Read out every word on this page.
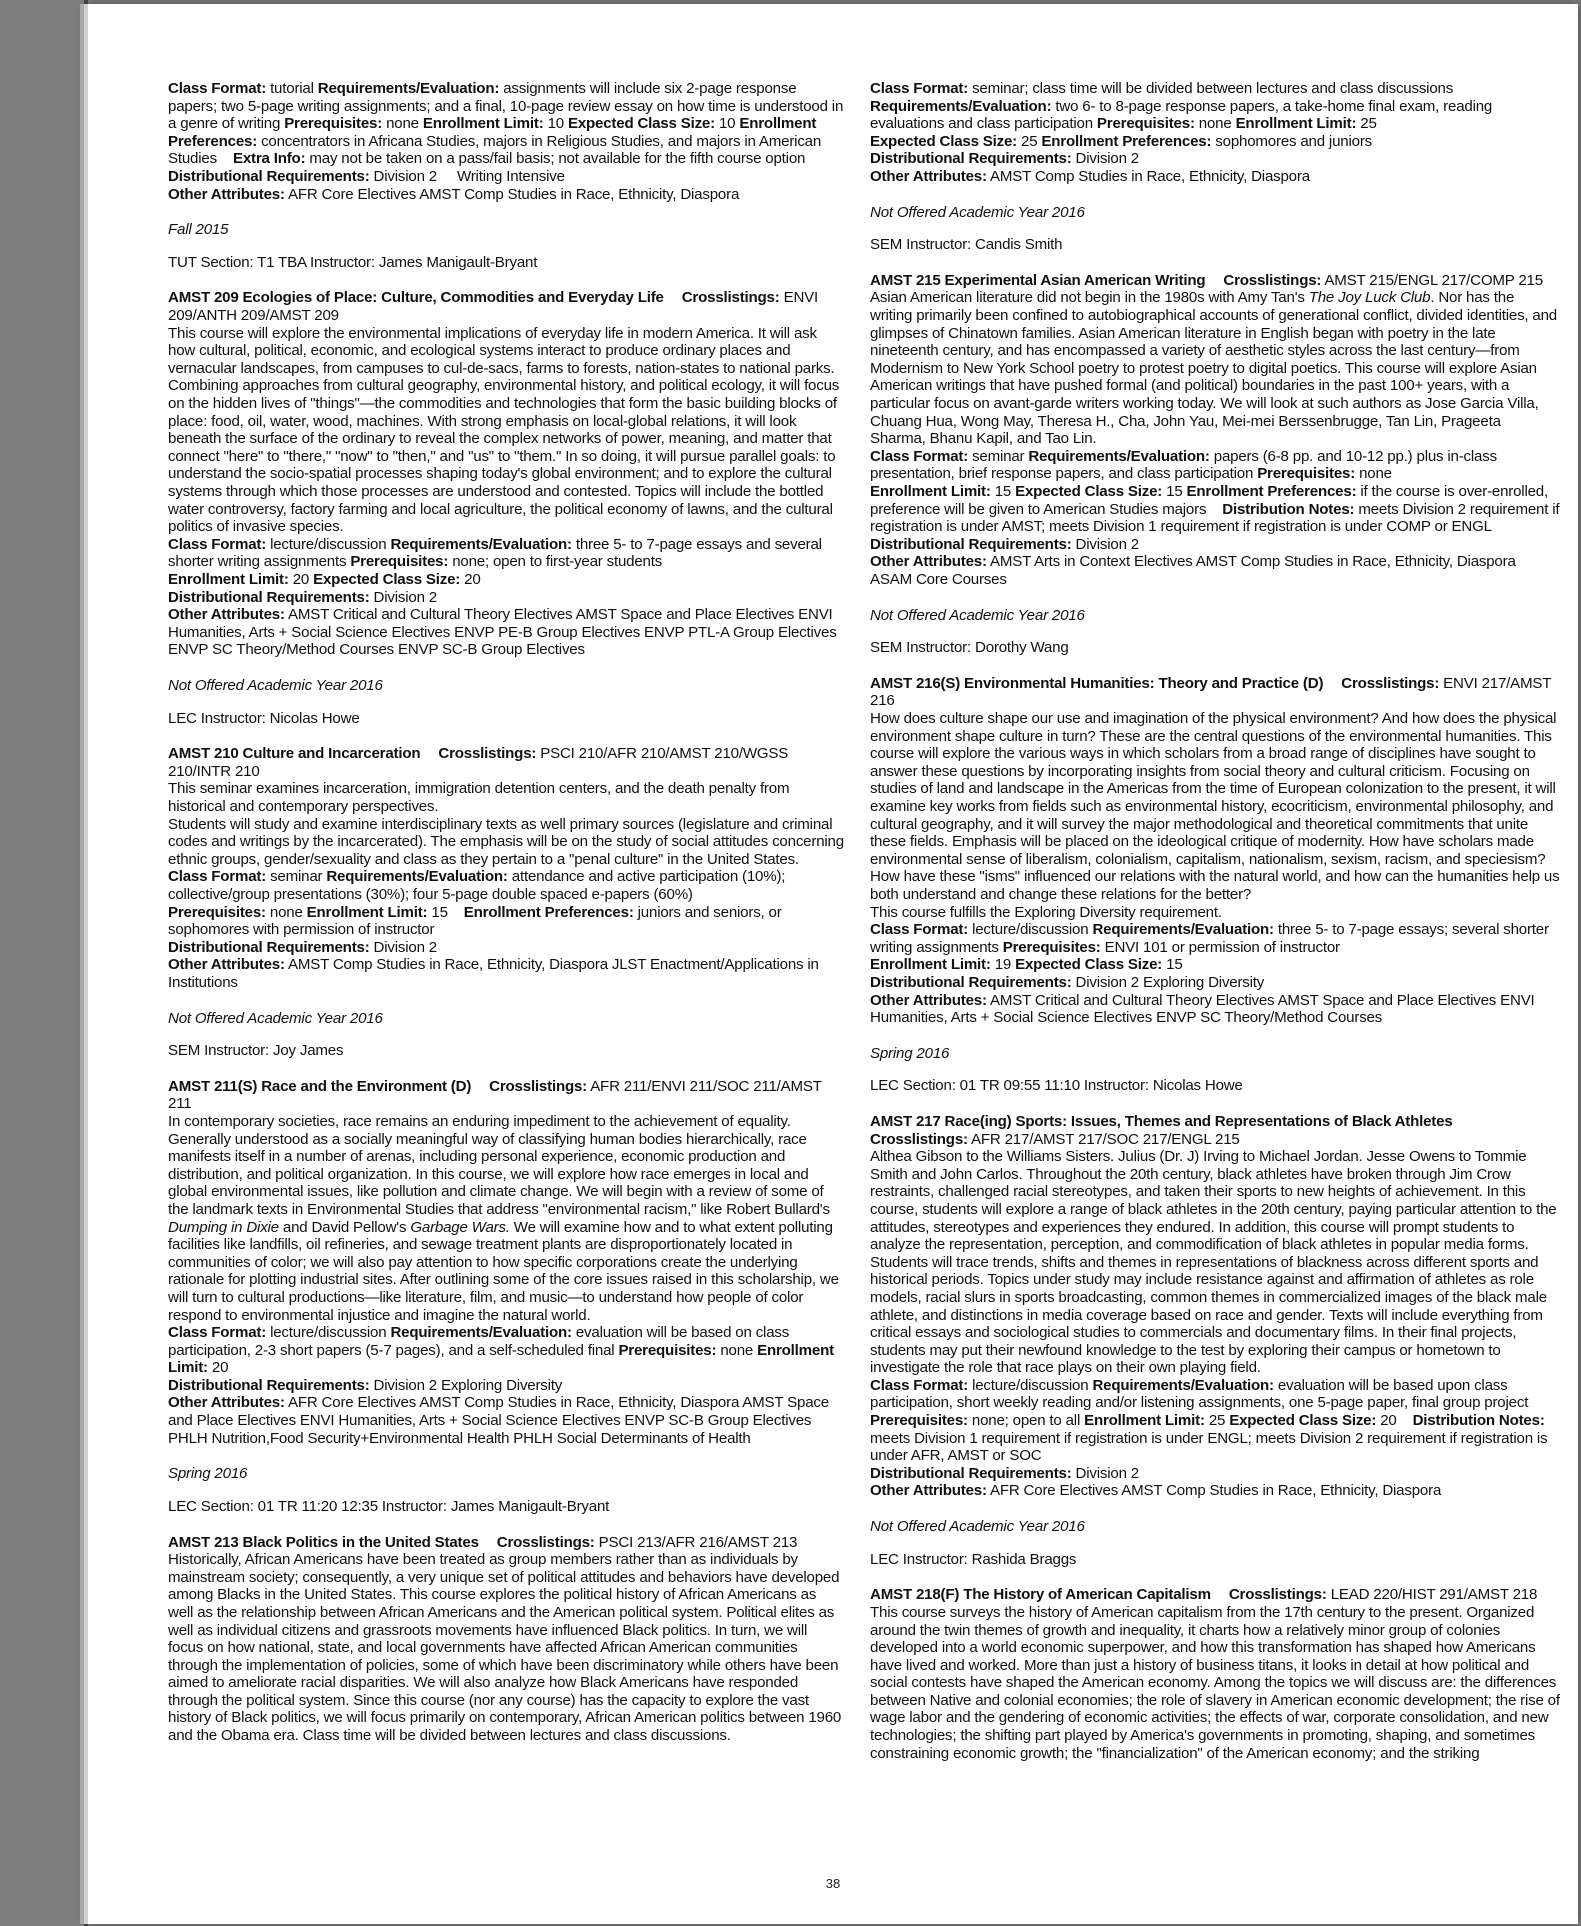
Class Format: tutorial Requirements/Evaluation: assignments will include six 2-page response papers; two 5-page writing assignments; and a final, 10-page review essay on how time is understood in a genre of writing Prerequisites: none Enrollment Limit: 10 Expected Class Size: 10 Enrollment Preferences: concentrators in Africana Studies, majors in Religious Studies, and majors in American Studies Extra Info: may not be taken on a pass/fail basis; not available for the fifth course option

Distributional Requirements: Division 2     Writing Intensive

Other Attributes: AFR Core Electives AMST Comp Studies in Race, Ethnicity, Diaspora

Fall 2015

TUT Section: T1 TBA Instructor: James Manigault-Bryant

AMST 209 Ecologies of Place: Culture, Commodities and Everyday Life Crosslistings: ENVI 209/ANTH 209/AMST 209

This course will explore the environmental implications of everyday life in modern America. It will ask how cultural, political, economic, and ecological systems interact to produce ordinary places and vernacular landscapes, from campuses to cul-de-sacs, farms to forests, nation-states to national parks. Combining approaches from cultural geography, environmental history, and political ecology, it will focus on the hidden lives of "things"—the commodities and technologies that form the basic building blocks of place: food, oil, water, wood, machines. With strong emphasis on local-global relations, it will look beneath the surface of the ordinary to reveal the complex networks of power, meaning, and matter that connect "here" to "there," "now" to "then," and "us" to "them." In so doing, it will pursue parallel goals: to understand the socio-spatial processes shaping today's global environment; and to explore the cultural systems through which those processes are understood and contested. Topics will include the bottled water controversy, factory farming and local agriculture, the political economy of lawns, and the cultural politics of invasive species.

Class Format: lecture/discussion Requirements/Evaluation: three 5- to 7-page essays and several shorter writing assignments Prerequisites: none; open to first-year students

Enrollment Limit: 20 Expected Class Size: 20

Distributional Requirements: Division 2

Other Attributes: AMST Critical and Cultural Theory Electives AMST Space and Place Electives ENVI Humanities, Arts + Social Science Electives ENVP PE-B Group Electives ENVP PTL-A Group Electives ENVP SC Theory/Method Courses ENVP SC-B Group Electives

Not Offered Academic Year 2016

LEC Instructor: Nicolas Howe

AMST 210 Culture and Incarceration Crosslistings: PSCI 210/AFR 210/AMST 210/WGSS 210/INTR 210

This seminar examines incarceration, immigration detention centers, and the death penalty from historical and contemporary perspectives.

Students will study and examine interdisciplinary texts as well primary sources (legislature and criminal codes and writings by the incarcerated). The emphasis will be on the study of social attitudes concerning ethnic groups, gender/sexuality and class as they pertain to a "penal culture" in the United States.

Class Format: seminar Requirements/Evaluation: attendance and active participation (10%); collective/group presentations (30%); four 5-page double spaced e-papers (60%)

Prerequisites: none Enrollment Limit: 15 Enrollment Preferences: juniors and seniors, or sophomores with permission of instructor

Distributional Requirements: Division 2

Other Attributes: AMST Comp Studies in Race, Ethnicity, Diaspora JLST Enactment/Applications in Institutions

Not Offered Academic Year 2016

SEM Instructor: Joy James

AMST 211(S) Race and the Environment (D) Crosslistings: AFR 211/ENVI 211/SOC 211/AMST 211

In contemporary societies, race remains an enduring impediment to the achievement of equality. Generally understood as a socially meaningful way of classifying human bodies hierarchically, race manifests itself in a number of arenas, including personal experience, economic production and distribution, and political organization. In this course, we will explore how race emerges in local and global environmental issues, like pollution and climate change. We will begin with a review of some of the landmark texts in Environmental Studies that address "environmental racism," like Robert Bullard's Dumping in Dixie and David Pellow's Garbage Wars. We will examine how and to what extent polluting facilities like landfills, oil refineries, and sewage treatment plants are disproportionately located in communities of color; we will also pay attention to how specific corporations create the underlying rationale for plotting industrial sites. After outlining some of the core issues raised in this scholarship, we will turn to cultural productions—like literature, film, and music—to understand how people of color respond to environmental injustice and imagine the natural world.

Class Format: lecture/discussion Requirements/Evaluation: evaluation will be based on class participation, 2-3 short papers (5-7 pages), and a self-scheduled final Prerequisites: none Enrollment Limit: 20

Distributional Requirements: Division 2 Exploring Diversity

Other Attributes: AFR Core Electives AMST Comp Studies in Race, Ethnicity, Diaspora AMST Space and Place Electives ENVI Humanities, Arts + Social Science Electives ENVP SC-B Group Electives PHLH Nutrition,Food Security+Environmental Health PHLH Social Determinants of Health

Spring 2016

LEC Section: 01 TR 11:20 12:35 Instructor: James Manigault-Bryant

AMST 213 Black Politics in the United States Crosslistings: PSCI 213/AFR 216/AMST 213

Historically, African Americans have been treated as group members rather than as individuals by mainstream society; consequently, a very unique set of political attitudes and behaviors have developed among Blacks in the United States. This course explores the political history of African Americans as well as the relationship between African Americans and the American political system. Political elites as well as individual citizens and grassroots movements have influenced Black politics. In turn, we will focus on how national, state, and local governments have affected African American communities through the implementation of policies, some of which have been discriminatory while others have been aimed to ameliorate racial disparities. We will also analyze how Black Americans have responded through the political system. Since this course (nor any course) has the capacity to explore the vast history of Black politics, we will focus primarily on contemporary, African American politics between 1960 and the Obama era. Class time will be divided between lectures and class discussions.

Class Format: seminar; class time will be divided between lectures and class discussions

Requirements/Evaluation: two 6- to 8-page response papers, a take-home final exam, reading evaluations and class participation Prerequisites: none Enrollment Limit: 25

Expected Class Size: 25 Enrollment Preferences: sophomores and juniors

Distributional Requirements: Division 2

Other Attributes: AMST Comp Studies in Race, Ethnicity, Diaspora

Not Offered Academic Year 2016

SEM Instructor: Candis Smith

AMST 215 Experimental Asian American Writing Crosslistings: AMST 215/ENGL 217/COMP 215

Asian American literature did not begin in the 1980s with Amy Tan's The Joy Luck Club. Nor has the writing primarily been confined to autobiographical accounts of generational conflict, divided identities, and glimpses of Chinatown families. Asian American literature in English began with poetry in the late nineteenth century, and has encompassed a variety of aesthetic styles across the last century—from Modernism to New York School poetry to protest poetry to digital poetics. This course will explore Asian American writings that have pushed formal (and political) boundaries in the past 100+ years, with a particular focus on avant-garde writers working today. We will look at such authors as Jose Garcia Villa, Chuang Hua, Wong May, Theresa H., Cha, John Yau, Mei-mei Berssenbrugge, Tan Lin, Prageeta Sharma, Bhanu Kapil, and Tao Lin.

Class Format: seminar Requirements/Evaluation: papers (6-8 pp. and 10-12 pp.) plus in-class presentation, brief response papers, and class participation Prerequisites: none

Enrollment Limit: 15 Expected Class Size: 15 Enrollment Preferences: if the course is over-enrolled, preference will be given to American Studies majors Distribution Notes: meets Division 2 requirement if registration is under AMST; meets Division 1 requirement if registration is under COMP or ENGL

Distributional Requirements: Division 2

Other Attributes: AMST Arts in Context Electives AMST Comp Studies in Race, Ethnicity, Diaspora ASAM Core Courses

Not Offered Academic Year 2016

SEM Instructor: Dorothy Wang

AMST 216(S) Environmental Humanities: Theory and Practice (D) Crosslistings: ENVI 217/AMST 216

How does culture shape our use and imagination of the physical environment? And how does the physical environment shape culture in turn? These are the central questions of the environmental humanities. This course will explore the various ways in which scholars from a broad range of disciplines have sought to answer these questions by incorporating insights from social theory and cultural criticism. Focusing on studies of land and landscape in the Americas from the time of European colonization to the present, it will examine key works from fields such as environmental history, ecocriticism, environmental philosophy, and cultural geography, and it will survey the major methodological and theoretical commitments that unite these fields. Emphasis will be placed on the ideological critique of modernity. How have scholars made environmental sense of liberalism, colonialism, capitalism, nationalism, sexism, racism, and speciesism? How have these "isms" influenced our relations with the natural world, and how can the humanities help us both understand and change these relations for the better?

This course fulfills the Exploring Diversity requirement.

Class Format: lecture/discussion Requirements/Evaluation: three 5- to 7-page essays; several shorter writing assignments Prerequisites: ENVI 101 or permission of instructor

Enrollment Limit: 19 Expected Class Size: 15

Distributional Requirements: Division 2 Exploring Diversity

Other Attributes: AMST Critical and Cultural Theory Electives AMST Space and Place Electives ENVI Humanities, Arts + Social Science Electives ENVP SC Theory/Method Courses

Spring 2016

LEC Section: 01 TR 09:55 11:10 Instructor: Nicolas Howe

AMST 217 Race(ing) Sports: Issues, Themes and Representations of Black Athletes

Crosslistings: AFR 217/AMST 217/SOC 217/ENGL 215

Althea Gibson to the Williams Sisters. Julius (Dr. J) Irving to Michael Jordan. Jesse Owens to Tommie Smith and John Carlos. Throughout the 20th century, black athletes have broken through Jim Crow restraints, challenged racial stereotypes, and taken their sports to new heights of achievement. In this course, students will explore a range of black athletes in the 20th century, paying particular attention to the attitudes, stereotypes and experiences they endured. In addition, this course will prompt students to analyze the representation, perception, and commodification of black athletes in popular media forms. Students will trace trends, shifts and themes in representations of blackness across different sports and historical periods. Topics under study may include resistance against and affirmation of athletes as role models, racial slurs in sports broadcasting, common themes in commercialized images of the black male athlete, and distinctions in media coverage based on race and gender. Texts will include everything from critical essays and sociological studies to commercials and documentary films. In their final projects, students may put their newfound knowledge to the test by exploring their campus or hometown to investigate the role that race plays on their own playing field.

Class Format: lecture/discussion Requirements/Evaluation: evaluation will be based upon class participation, short weekly reading and/or listening assignments, one 5-page paper, final group project Prerequisites: none; open to all Enrollment Limit: 25 Expected Class Size: 20 Distribution Notes: meets Division 1 requirement if registration is under ENGL; meets Division 2 requirement if registration is under AFR, AMST or SOC

Distributional Requirements: Division 2

Other Attributes: AFR Core Electives AMST Comp Studies in Race, Ethnicity, Diaspora

Not Offered Academic Year 2016

LEC Instructor: Rashida Braggs

AMST 218(F) The History of American Capitalism Crosslistings: LEAD 220/HIST 291/AMST 218

This course surveys the history of American capitalism from the 17th century to the present. Organized around the twin themes of growth and inequality, it charts how a relatively minor group of colonies developed into a world economic superpower, and how this transformation has shaped how Americans have lived and worked. More than just a history of business titans, it looks in detail at how political and social contests have shaped the American economy. Among the topics we will discuss are: the differences between Native and colonial economies; the role of slavery in American economic development; the rise of wage labor and the gendering of economic activities; the effects of war, corporate consolidation, and new technologies; the shifting part played by America's governments in promoting, shaping, and sometimes constraining economic growth; the "financialization" of the American economy; and the striking

38
